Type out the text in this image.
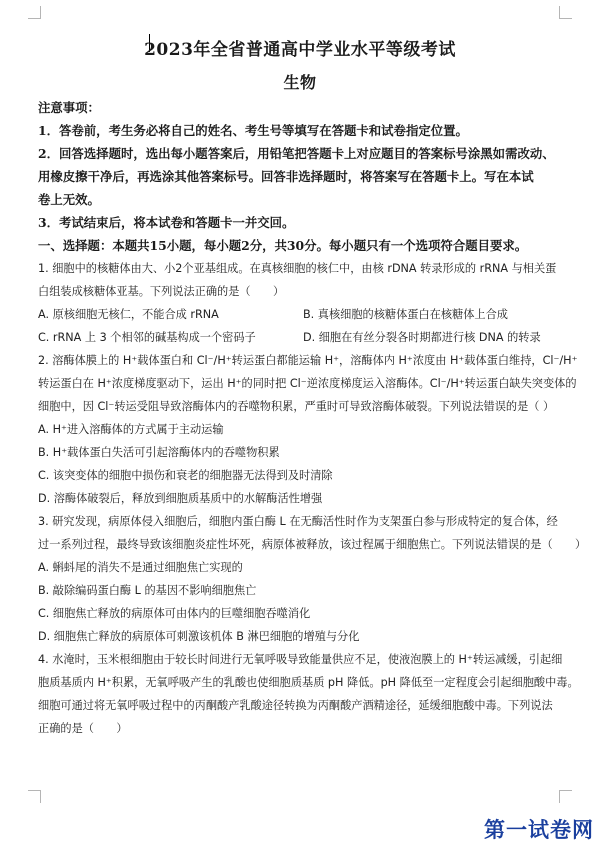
2023年全省普通高中学业水平等级考试
生物
注意事项：
1．答卷前，考生务必将自己的姓名、考生号等填写在答题卡和试卷指定位置。
2．回答选择题时，选出每小题答案后，用铅笔把答题卡上对应题目的答案标号涂黑如需改动、
用橡皮擦干净后，再选涂其他答案标号。回答非选择题时，将答案写在答题卡上。写在本试
卷上无效。
3．考试结束后，将本试卷和答题卡一并交回。
一、选择题：本题共15小题，每小题2分，共30分。每小题只有一个选项符合题目要求。
1. 细胞中的核糖体由大、小2个亚基组成。在真核细胞的核仁中，由核 rDNA 转录形成的 rRNA 与相关蛋
白组装成核糖体亚基。下列说法正确的是（　　）
A. 原核细胞无核仁，不能合成 rRNA	B. 真核细胞的核糖体蛋白在核糖体上合成
C. rRNA 上 3 个相邻的碱基构成一个密码子	D. 细胞在有丝分裂各时期都进行核 DNA 的转录
2. 溶酶体膜上的 H⁺载体蛋白和 Cl⁻/H⁺转运蛋白都能运输 H⁺，溶酶体内 H⁺浓度由 H⁺载体蛋白维持，Cl⁻/H⁺
转运蛋白在 H⁺浓度梯度驱动下，运出 H⁺的同时把 Cl⁻逆浓度梯度运入溶酶体。Cl⁻/H⁺转运蛋白缺失突变体的
细胞中，因 Cl⁻转运受阻导致溶酶体内的吞噬物积累，严重时可导致溶酶体破裂。下列说法错误的是（ ）
A. H⁺进入溶酶体的方式属于主动运输
B. H⁺载体蛋白失活可引起溶酶体内的吞噬物积累
C. 该突变体的细胞中损伤和衰老的细胞器无法得到及时清除
D. 溶酶体破裂后，释放到细胞质基质中的水解酶活性增强
3. 研究发现，病原体侵入细胞后，细胞内蛋白酶 L 在无酶活性时作为支架蛋白参与形成特定的复合体，经
过一系列过程，最终导致该细胞炎症性坏死，病原体被释放，该过程属于细胞焦亡。下列说法错误的是（　　）
A. 蝌蚪尾的消失不是通过细胞焦亡实现的
B. 敲除编码蛋白酶 L 的基因不影响细胞焦亡
C. 细胞焦亡释放的病原体可由体内的巨噬细胞吞噬消化
D. 细胞焦亡释放的病原体可刺激该机体 B 淋巴细胞的增殖与分化
4. 水淹时，玉米根细胞由于较长时间进行无氧呼吸导致能量供应不足，使液泡膜上的 H⁺转运减缓，引起细
胞质基质内 H⁺积累，无氧呼吸产生的乳酸也使细胞质基质 pH 降低。pH 降低至一定程度会引起细胞酸中毒。
细胞可通过将无氧呼吸过程中的丙酮酸产乳酸途径转换为丙酮酸产酒精途径，延缓细胞酸中毒。下列说法
正确的是（　　）
第一试卷网
